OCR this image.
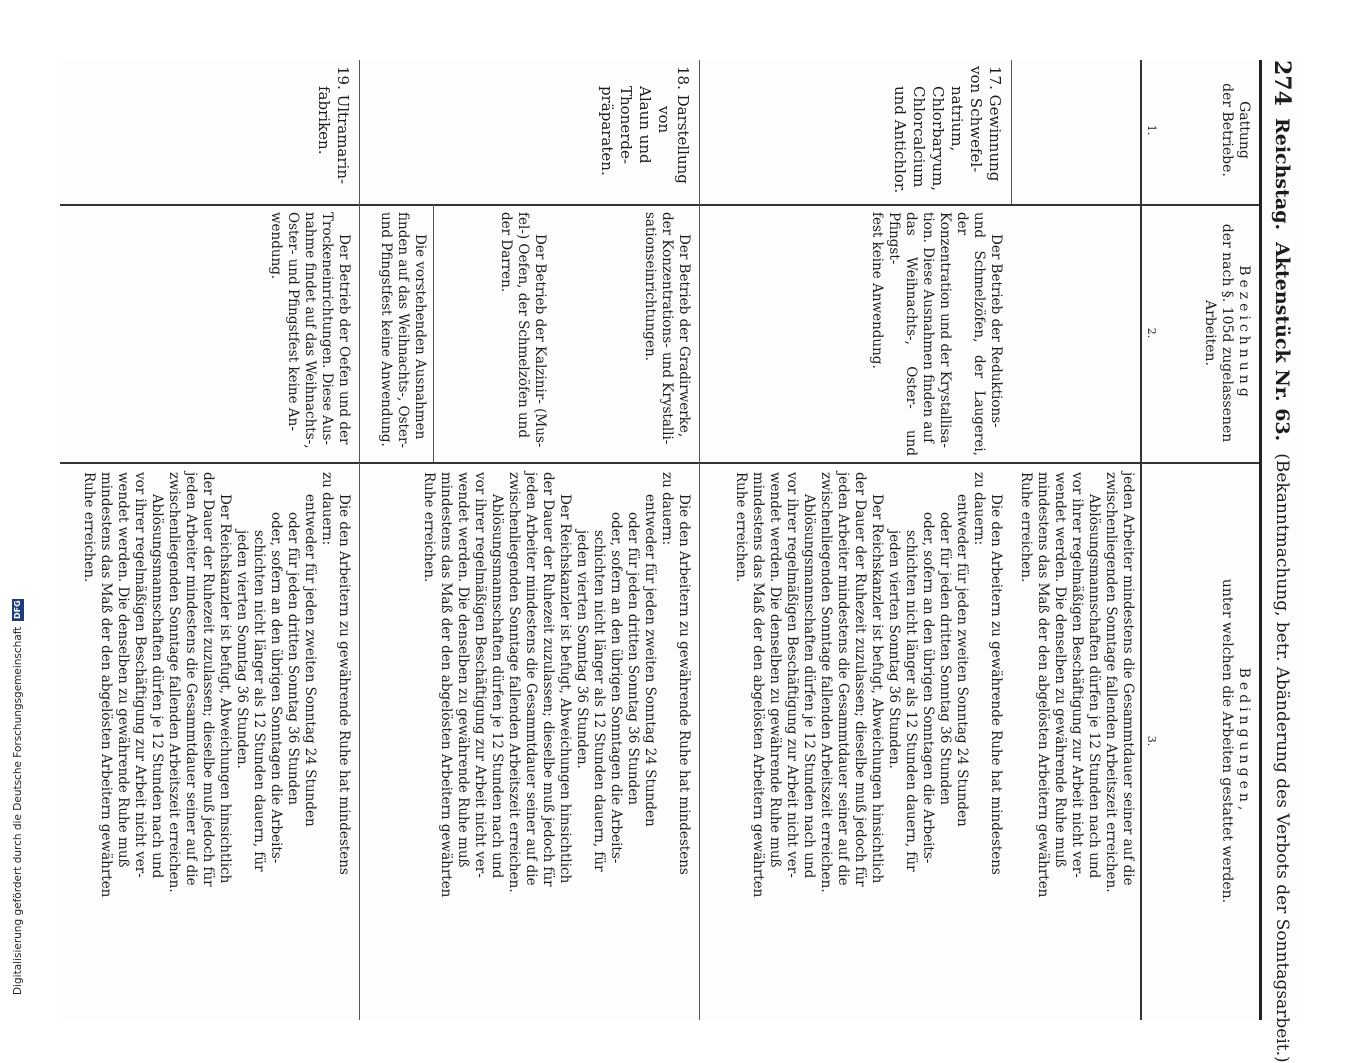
274
Reichstag.
Aktenstück Nr. 63.
(Bekanntmachung, betr. Abänderung des Verbots der Sonntagsarbeit.)
Gattung
der Betriebe.
Bezeichnung
der nach §. 105d zugelassenen Arbeiten.
Bedingungen,
unter welchen die Arbeiten gestattet werden.
1.
2.
3.

jeden Arbeiter mindestens die Gesammtdauer seiner auf die

zwischenliegenden Sonntage fallenden Arbeitszeit erreichen.

Ablösungsmannschaften dürfen je 12 Stunden nach und

vor ihrer regelmäßigen Beschäftigung zur Arbeit nicht ver-

wendet werden. Die denselben zu gewährende Ruhe muß

mindestens das Maß der den abgelösten Arbeitern gewährten

Ruhe erreichen.

17. Gewinnung

von Schwefel-

natrium,

Chlorbaryum,

Chlorcalcium

und Antichlor.

Der Betrieb der Reduktions-

und Schmelzöfen, der Laugerei, der

Konzentration und der Krystallisa-

tion. Diese Ausnahmen finden auf

das Weihnachts-, Oster- und Pfingst-

fest keine Anwendung.

Die den Arbeitern zu gewährende Ruhe hat mindestens

zu dauern:

entweder für jeden zweiten Sonntag 24 Stunden

oder für jeden dritten Sonntag 36 Stunden

oder, sofern an den übrigen Sonntagen die Arbeits-

schichten nicht länger als 12 Stunden dauern, für

jeden vierten Sonntag 36 Stunden.

Der Reichskanzler ist befugt, Abweichungen hinsichtlich

der Dauer der Ruhezeit zuzulassen; dieselbe muß jedoch für

jeden Arbeiter mindestens die Gesammtdauer seiner auf die

zwischenliegenden Sonntage fallenden Arbeitszeit erreichen.

Ablösungsmannschaften dürfen je 12 Stunden nach und

vor ihrer regelmäßigen Beschäftigung zur Arbeit nicht ver-

wendet werden. Die denselben zu gewährende Ruhe muß

mindestens das Maß der den abgelösten Arbeitern gewährten

Ruhe erreichen.

18. Darstellung

von

Alaun und

Thonerde-

präparaten.

Der Betrieb der Gradirwerke,

der Konzentrations- und Krystalli-

sationseinrichtungen.

Der Betrieb der Kalzinir- (Mus-

fel-) Oefen, der Schmelzöfen und

der Darren.

Die vorstehenden Ausnahmen

finden auf das Weihnachts-, Oster-

und Pfingstfest keine Anwendung.

Die den Arbeitern zu gewährende Ruhe hat mindestens

zu dauern:

entweder für jeden zweiten Sonntag 24 Stunden

oder für jeden dritten Sonntag 36 Stunden

oder, sofern an den übrigen Sonntagen die Arbeits-

schichten nicht länger als 12 Stunden dauern, für

jeden vierten Sonntag 36 Stunden.

Der Reichskanzler ist befugt, Abweichungen hinsichtlich

der Dauer der Ruhezeit zuzulassen; dieselbe muß jedoch für

jeden Arbeiter mindestens die Gesammtdauer seiner auf die

zwischenliegenden Sonntage fallenden Arbeitszeit erreichen.

Ablösungsmannschaften dürfen je 12 Stunden nach und

vor ihrer regelmäßigen Beschäftigung zur Arbeit nicht ver-

wendet werden. Die denselben zu gewährende Ruhe muß

mindestens das Maß der den abgelösten Arbeitern gewährten

Ruhe erreichen.

19. Ultramarin-

fabriken.

Der Betrieb der Oefen und der

Trockeneinrichtungen. Diese Aus-

nahme findet auf das Weihnachts-,

Oster- und Pfingstfest keine An-

wendung.

Die den Arbeitern zu gewährende Ruhe hat mindestens

zu dauern:

entweder für jeden zweiten Sonntag 24 Stunden

oder für jeden dritten Sonntag 36 Stunden

oder, sofern an den übrigen Sonntagen die Arbeits-

schichten nicht länger als 12 Stunden dauern, für

jeden vierten Sonntag 36 Stunden.

Der Reichskanzler ist befugt, Abweichungen hinsichtlich

der Dauer der Ruhezeit zuzulassen; dieselbe muß jedoch für

jeden Arbeiter mindestens die Gesammtdauer seiner auf die

zwischenliegenden Sonntage fallenden Arbeitszeit erreichen.

Ablösungsmannschaften dürfen je 12 Stunden nach und

vor ihrer regelmäßigen Beschäftigung zur Arbeit nicht ver-

wendet werden. Die denselben zu gewährende Ruhe muß

mindestens das Maß der den abgelösten Arbeitern gewährten

Ruhe erreichen.

Digitalisierung gefördert durch die Deutsche Forschungsgemeinschaft
DFG
